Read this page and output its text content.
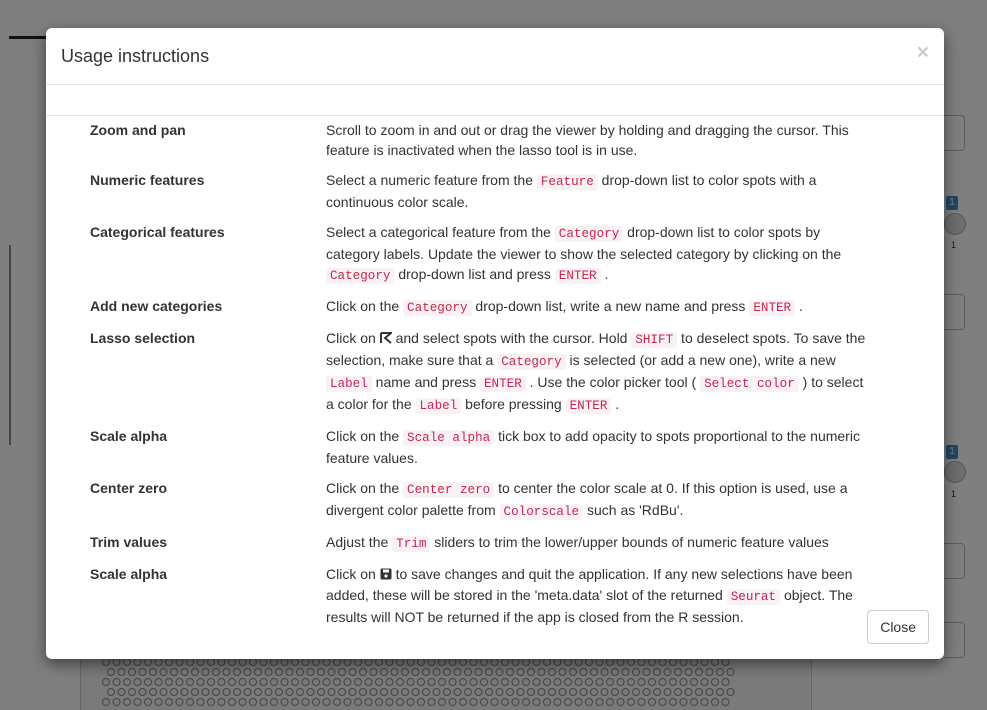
Usage instructions	×
Zoom and pan	Scroll to zoom in and out or drag the viewer by holding and dragging the cursor. This feature is inactivated when the lasso tool is in use.
Numeric features	Select a numeric feature from the Feature drop-down list to color spots with a continuous color scale.
Categorical features	Select a categorical feature from the Category drop-down list to color spots by category labels. Update the viewer to show the selected category by clicking on the Category drop-down list and press ENTER .
Add new categories	Click on the Category drop-down list, write a new name and press ENTER .
Lasso selection	Click on  and select spots with the cursor. Hold SHIFT to deselect spots. To save the selection, make sure that a Category is selected (or add a new one), write a new Label name and press ENTER . Use the color picker tool ( Select color ) to select a color for the Label before pressing ENTER .
Scale alpha	Click on the Scale alpha tick box to add opacity to spots proportional to the numeric feature values.
Center zero	Click on the Center zero to center the color scale at 0. If this option is used, use a divergent color palette from Colorscale such as 'RdBu'.
Trim values	Adjust the Trim sliders to trim the lower/upper bounds of numeric feature values
Scale alpha	Click on  to save changes and quit the application. If any new selections have been added, these will be stored in the 'meta.data' slot of the returned Seurat object. The results will NOT be returned if the app is closed from the R session.
Close
